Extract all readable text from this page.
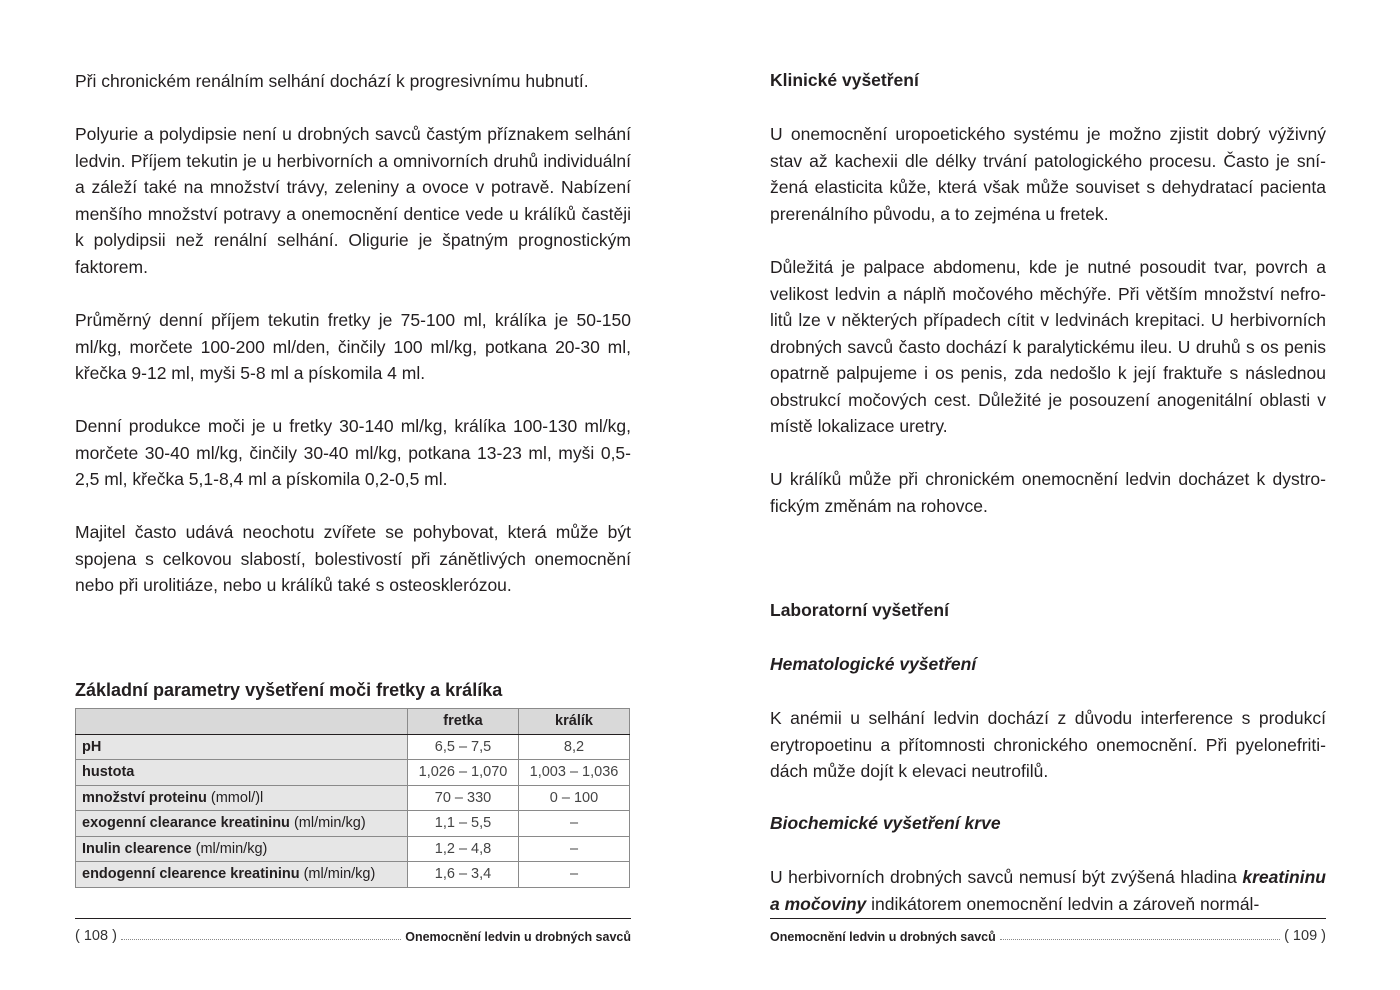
Při chronickém renálním selhání dochází k progresivnímu hubnutí.

Polyurie a polydipsie není u drobných savců častým příznakem selhání ledvin. Příjem tekutin je u herbivorních a omnivorních druhů individuální a záleží také na množství trávy, zeleniny a ovoce v potravě. Nabízení menšího množství potravy a onemocnění dentice vede u králíků častěji k polydipsii než renální selhání. Oligurie je špatným prognostickým faktorem.

Průměrný denní příjem tekutin fretky je 75-100 ml, králíka je 50-150 ml/kg, morčete 100-200 ml/den, činčily 100 ml/kg, potkana 20-30 ml, křečka 9-12 ml, myši 5-8 ml a pískomila 4 ml.

Denní produkce moči je u fretky 30-140 ml/kg, králíka 100-130 ml/kg, morčete 30-40 ml/kg, činčily 30-40 ml/kg, potkana 13-23 ml, myši 0,5-2,5 ml, křečka 5,1-8,4 ml a pískomila 0,2-0,5 ml.

Majitel často udává neochotu zvířete se pohybovat, která může být spojena s celkovou slabostí, bolestivostí při zánětlivých onemocnění nebo při urolitiáze, nebo u králíků také s osteosklerózou.

Základní parametry vyšetření moči fretky a králíka
	fretka	králík
pH	6,5 – 7,5	8,2
hustota	1,026 – 1,070	1,003 – 1,036
množství proteinu (mmol/)l	70 – 330	0 – 100
exogenní clearance kreatininu (ml/min/kg)	1,1 – 5,5	–
Inulin clearence (ml/min/kg)	1,2 – 4,8	–
endogenní clearence kreatininu (ml/min/kg)	1,6 – 3,4	–
( 108 )	Onemocnění ledvin u drobných savců
Klinické vyšetření

U onemocnění uropoetického systému je možno zjistit dobrý výživný stav až kachexii dle délky trvání patologického procesu. Často je snížená elasticita kůže, která však může souviset s dehydratací pacienta prerenálního původu, a to zejména u fretek.

Důležitá je palpace abdomenu, kde je nutné posoudit tvar, povrch a velikost ledvin a náplň močového měchýře. Při větším množství nefrolitů lze v některých případech cítit v ledvinách krepitaci. U herbivorních drobných savců často dochází k paralytickému ileu. U druhů s os penis opatrně palpujeme i os penis, zda nedošlo k její fraktuře s následnou obstrukcí močových cest. Důležité je posouzení anogenitální oblasti v místě lokalizace uretry.

U králíků může při chronickém onemocnění ledvin docházet k dystrofickým změnám na rohovce.

Laboratorní vyšetření
Hematologické vyšetření

K anémii u selhání ledvin dochází z důvodu interference s produkcí erytropoetinu a přítomnosti chronického onemocnění. Při pyelonefritidách může dojít k elevaci neutrofilů.

Biochemické vyšetření krve

U herbivorních drobných savců nemusí být zvýšená hladina kreatininu a močoviny indikátorem onemocnění ledvin a zároveň normál-

Onemocnění ledvin u drobných savců	( 109 )
